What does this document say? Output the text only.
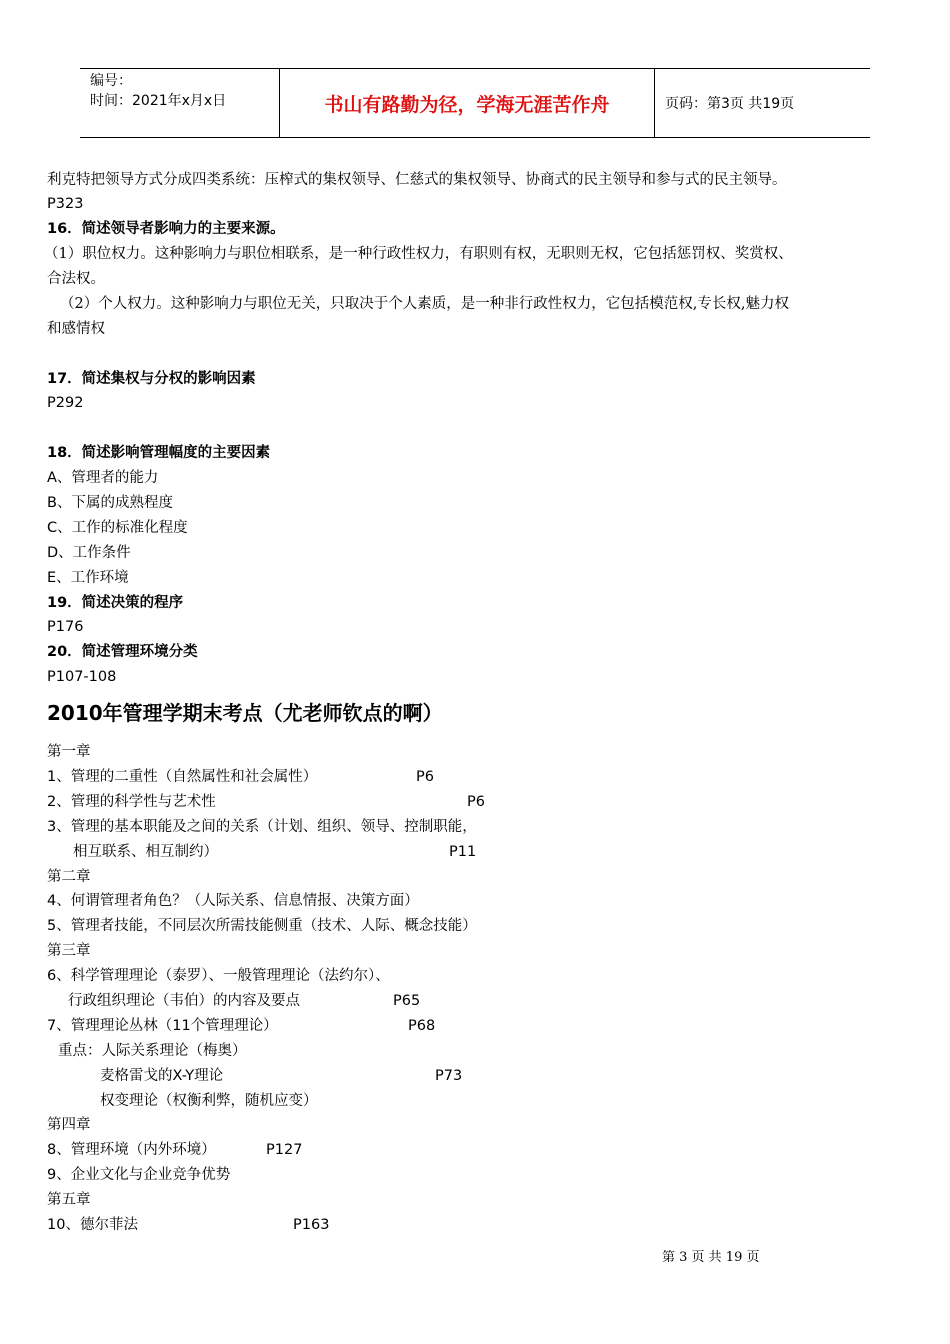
编号：
时间：2021年x月x日	书山有路勤为径，学海无涯苦作舟	页码：第3页 共19页
利克特把领导方式分成四类系统：压榨式的集权领导、仁慈式的集权领导、协商式的民主领导和参与式的民主领导。
P323
16．简述领导者影响力的主要来源。
（1）职位权力。这种影响力与职位相联系，是一种行政性权力，有职则有权，无职则无权，它包括惩罚权、奖赏权、
合法权。
（2）个人权力。这种影响力与职位无关，只取决于个人素质，是一种非行政性权力，它包括模范权,专长权,魅力权
和感情权
17．简述集权与分权的影响因素
P292
18．简述影响管理幅度的主要因素
A、管理者的能力
B、下属的成熟程度
C、工作的标准化程度
D、工作条件
E、工作环境
19．简述决策的程序
P176
20．简述管理环境分类
P107-108
2010年管理学期末考点（尤老师钦点的啊）
第一章
1、管理的二重性（自然属性和社会属性）	P6
2、管理的科学性与艺术性	P6
3、管理的基本职能及之间的关系（计划、组织、领导、控制职能，
相互联系、相互制约）	P11
第二章
4、何谓管理者角色？（人际关系、信息情报、决策方面）
5、管理者技能，不同层次所需技能侧重（技术、人际、概念技能）
第三章
6、科学管理理论（泰罗）、一般管理理论（法约尔）、
行政组织理论（韦伯）的内容及要点	P65
7、管理理论丛林（11个管理理论）	P68
重点：人际关系理论（梅奥）
麦格雷戈的X-Y理论	P73
权变理论（权衡利弊，随机应变）
第四章
8、管理环境（内外环境）	P127
9、企业文化与企业竞争优势
第五章
10、德尔菲法	P163
第 3 页 共 19 页
